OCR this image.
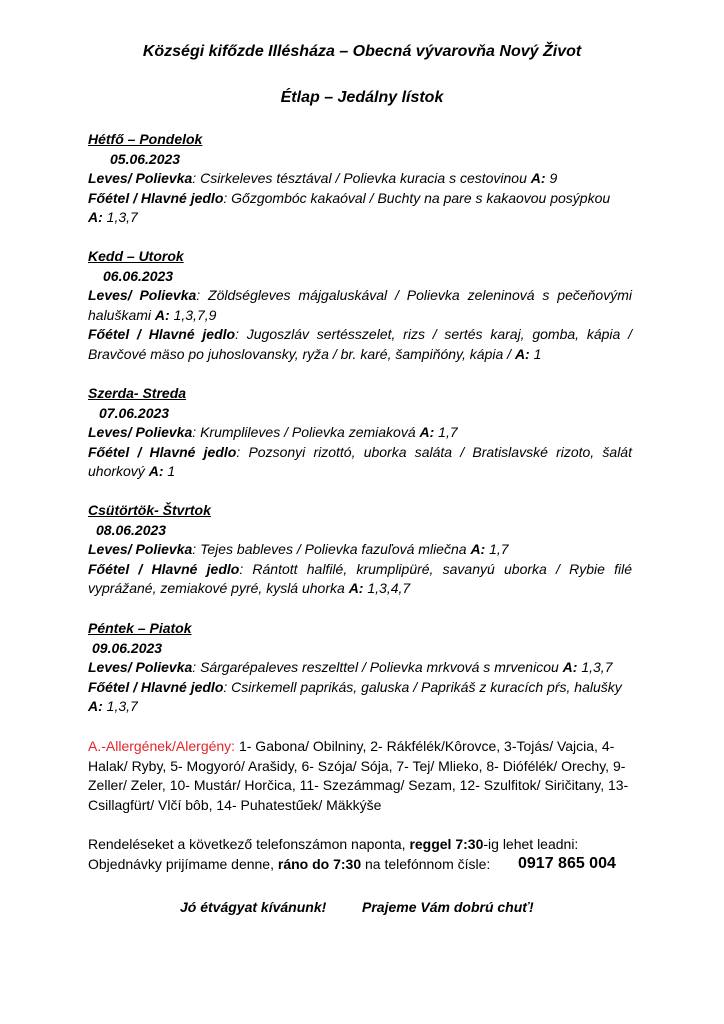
Községi kifőzde Illésháza – Obecná vývarovňa Nový Život
Étlap – Jedálny lístok
Hétfő – Pondelok
05.06.2023
Leves/ Polievka: Csirkeleves tésztával / Polievka kuracia s cestovinou A: 9
Főétel / Hlavné jedlo: Gőzgombóc kakaóval / Buchty na pare s kakaovou posýpkou
A: 1,3,7
Kedd – Utorok
06.06.2023
Leves/ Polievka: Zöldségleves májgaluskával / Polievka zeleninová s pečeňovými haluškami A: 1,3,7,9
Főétel / Hlavné jedlo: Jugoszláv sertésszelet, rizs / sertés karaj, gomba, kápia / Bravčové mäso po juhoslovansky, ryža / br. karé, šampiňóny, kápia / A: 1
Szerda- Streda
07.06.2023
Leves/ Polievka: Krumplileves / Polievka zemiaková A: 1,7
Főétel / Hlavné jedlo: Pozsonyi rizottó, uborka saláta / Bratislavské rizoto, šalát uhorkový A: 1
Csütörtök- Štvrtok
08.06.2023
Leves/ Polievka: Tejes bableves / Polievka fazuľová mliečna A: 1,7
Főétel / Hlavné jedlo: Rántott halfilé, krumplipüré, savanyú uborka / Rybie filé vyprážané, zemiakové pyré, kyslá uhorka A: 1,3,4,7
Péntek – Piatok
09.06.2023
Leves/ Polievka: Sárgarépaleves reszelttel / Polievka mrkvová s mrvenicou A: 1,3,7
Főétel / Hlavné jedlo: Csirkemell paprikás, galuska / Paprikáš z kuracích pŕs, halušky
A: 1,3,7
A.-Allergének/Alergény: 1- Gabona/ Obilniny, 2- Rákfélék/Kôrovce, 3-Tojás/ Vajcia, 4- Halak/ Ryby, 5- Mogyoró/ Arašidy, 6- Szója/ Sója, 7- Tej/ Mlieko, 8- Diófélék/ Orechy, 9- Zeller/ Zeler, 10- Mustár/ Horčica, 11- Szezámmag/ Sezam, 12- Szulfitok/ Siričitany, 13- Csillagfürt/ Vlčí bôb, 14- Puhatestűek/ Mäkkýše
Rendeléseket a következő telefonszámon naponta, reggel 7:30-ig lehet leadni:
Objednávky prijímame denne, ráno do 7:30 na telefónnom čísle:	0917 865 004
Jó étvágyat kívánunk!	Prajeme Vám dobrú chuť!
